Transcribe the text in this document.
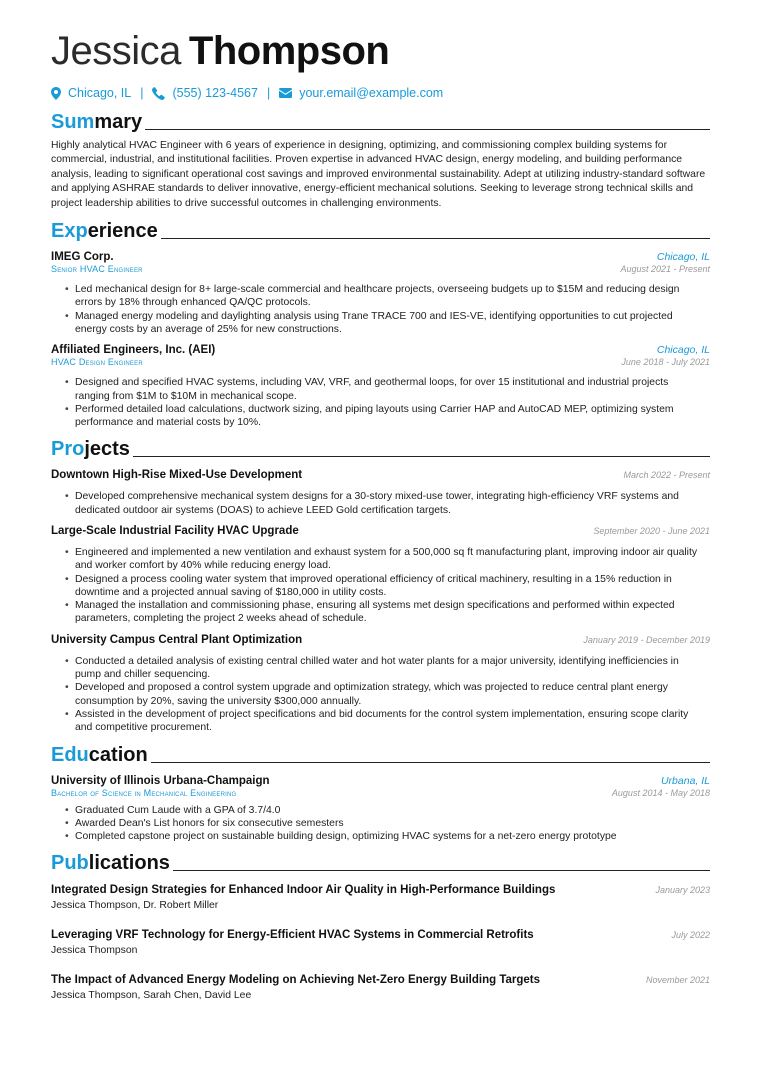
Jessica Thompson
Chicago, IL | (555) 123-4567 | your.email@example.com
Summary
Highly analytical HVAC Engineer with 6 years of experience in designing, optimizing, and commissioning complex building systems for commercial, industrial, and institutional facilities. Proven expertise in advanced HVAC design, energy modeling, and building performance analysis, leading to significant operational cost savings and improved environmental sustainability. Adept at utilizing industry-standard software and applying ASHRAE standards to deliver innovative, energy-efficient mechanical solutions. Seeking to leverage strong technical skills and project leadership abilities to drive successful outcomes in challenging environments.
Experience
IMEG Corp.	Chicago, IL
Senior HVAC Engineer	August 2021 - Present
• Led mechanical design for 8+ large-scale commercial and healthcare projects, overseeing budgets up to $15M and reducing design errors by 18% through enhanced QA/QC protocols.
• Managed energy modeling and daylighting analysis using Trane TRACE 700 and IES-VE, identifying opportunities to cut projected energy costs by an average of 25% for new constructions.
Affiliated Engineers, Inc. (AEI)	Chicago, IL
HVAC Design Engineer	June 2018 - July 2021
• Designed and specified HVAC systems, including VAV, VRF, and geothermal loops, for over 15 institutional and industrial projects ranging from $1M to $10M in mechanical scope.
• Performed detailed load calculations, ductwork sizing, and piping layouts using Carrier HAP and AutoCAD MEP, optimizing system performance and material costs by 10%.
Projects
Downtown High-Rise Mixed-Use Development	March 2022 - Present
• Developed comprehensive mechanical system designs for a 30-story mixed-use tower, integrating high-efficiency VRF systems and dedicated outdoor air systems (DOAS) to achieve LEED Gold certification targets.
Large-Scale Industrial Facility HVAC Upgrade	September 2020 - June 2021
• Engineered and implemented a new ventilation and exhaust system for a 500,000 sq ft manufacturing plant, improving indoor air quality and worker comfort by 40% while reducing energy load.
• Designed a process cooling water system that improved operational efficiency of critical machinery, resulting in a 15% reduction in downtime and a projected annual saving of $180,000 in utility costs.
• Managed the installation and commissioning phase, ensuring all systems met design specifications and performed within expected parameters, completing the project 2 weeks ahead of schedule.
University Campus Central Plant Optimization	January 2019 - December 2019
• Conducted a detailed analysis of existing central chilled water and hot water plants for a major university, identifying inefficiencies in pump and chiller sequencing.
• Developed and proposed a control system upgrade and optimization strategy, which was projected to reduce central plant energy consumption by 20%, saving the university $300,000 annually.
• Assisted in the development of project specifications and bid documents for the control system implementation, ensuring scope clarity and competitive procurement.
Education
University of Illinois Urbana-Champaign	Urbana, IL
Bachelor of Science in Mechanical Engineering	August 2014 - May 2018
• Graduated Cum Laude with a GPA of 3.7/4.0
• Awarded Dean's List honors for six consecutive semesters
• Completed capstone project on sustainable building design, optimizing HVAC systems for a net-zero energy prototype
Publications
Integrated Design Strategies for Enhanced Indoor Air Quality in High-Performance Buildings	January 2023
Jessica Thompson, Dr. Robert Miller
Leveraging VRF Technology for Energy-Efficient HVAC Systems in Commercial Retrofits	July 2022
Jessica Thompson
The Impact of Advanced Energy Modeling on Achieving Net-Zero Energy Building Targets	November 2021
Jessica Thompson, Sarah Chen, David Lee
